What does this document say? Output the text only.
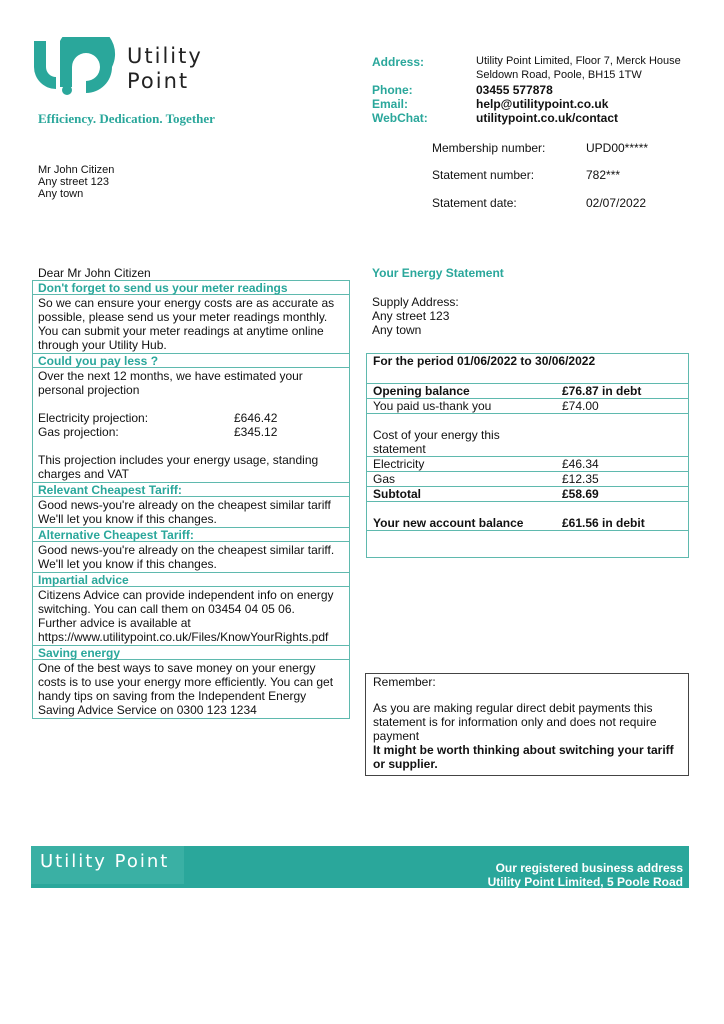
Utility
Point
Efficiency. Dedication. Together
Address:	Utility Point Limited, Floor 7, Merck House
Seldown Road, Poole, BH15 1TW
Phone:	03455 577878
Email:	help@utilitypoint.co.uk
WebChat:	utilitypoint.co.uk/contact
Membership number:	UPD00*****
Statement number:	782***
Statement date:	02/07/2022
Mr John Citizen
Any street 123
Any town
Dear Mr John Citizen
Don't forget to send us your meter readings
So we can ensure your energy costs are as accurate as
possible, please send us your meter readings monthly.
You can submit your meter readings at anytime online
through your Utility Hub.
Could you pay less ?
Over the next 12 months, we have estimated your
personal projection
Electricity projection:	£646.42
Gas projection:	£345.12
This projection includes your energy usage, standing
charges and VAT
Relevant Cheapest Tariff:
Good news-you're already on the cheapest similar tariff
We'll let you know if this changes.
Alternative Cheapest Tariff:
Good news-you're already on the cheapest similar tariff.
We'll let you know if this changes.
Impartial advice
Citizens Advice can provide independent info on energy
switching. You can call them on 03454 04 05 06.
Further advice is available at
https://www.utilitypoint.co.uk/Files/KnowYourRights.pdf
Saving energy
One of the best ways to save money on your energy
costs is to use your energy more efficiently. You can get
handy tips on saving from the Independent Energy
Saving Advice Service on 0300 123 1234
Your Energy Statement
Supply Address:
Any street 123
Any town
For the period 01/06/2022 to 30/06/2022
Opening balance	£76.87 in debt
You paid us-thank you	£74.00
Cost of your energy this
statement
Electricity	£46.34
Gas	£12.35
Subtotal	£58.69
Your new account balance	£61.56 in debit
Remember:
As you are making regular direct debit payments this
statement is for information only and does not require
payment
It might be worth thinking about switching your tariff
or supplier.
Utility Point	Our registered business address
Utility Point Limited, 5 Poole Road
